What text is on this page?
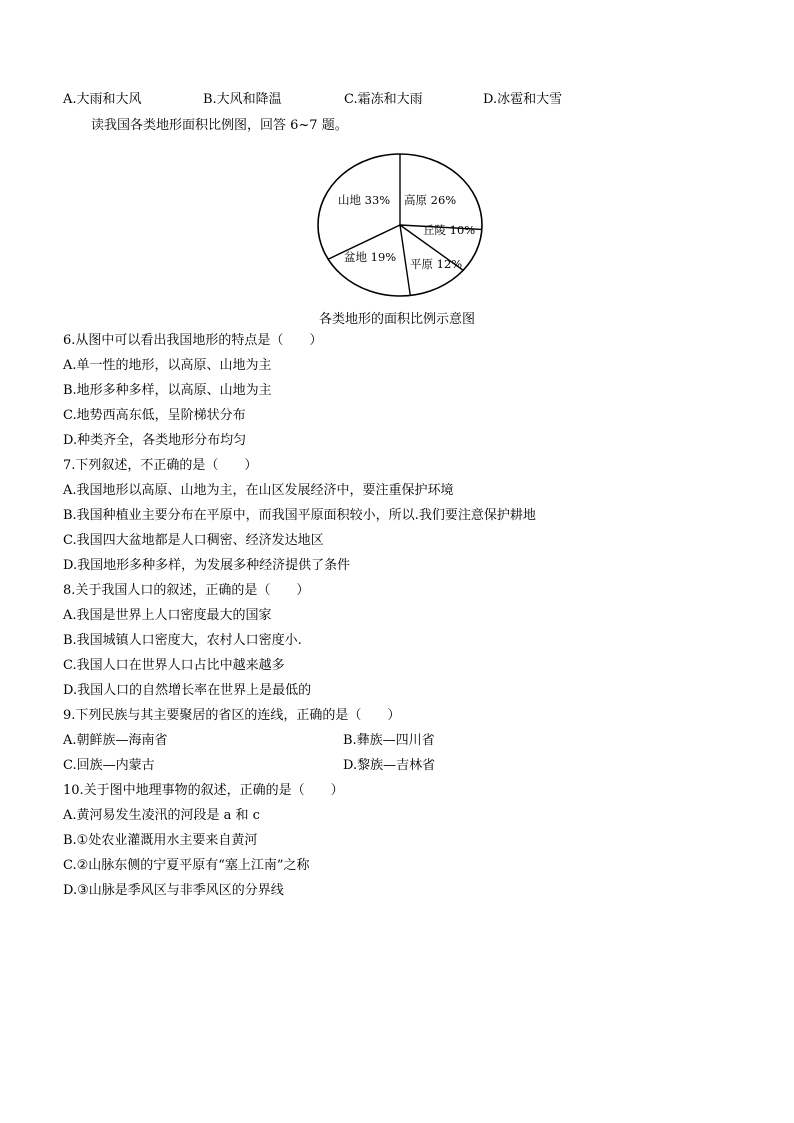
A.大雨和大风	B.大风和降温	C.霜冻和大雨	D.冰雹和大雪
读我国各类地形面积比例图，回答 6~7 题。
高原 26%
丘陵 10%
平原 12%
盆地 19%
山地 33%
各类地形的面积比例示意图
6.从图中可以看出我国地形的特点是（　　）
A.单一性的地形，以高原、山地为主
B.地形多种多样，以高原、山地为主
C.地势西高东低，呈阶梯状分布
D.种类齐全，各类地形分布均匀
7.下列叙述，不正确的是（　　）
A.我国地形以高原、山地为主，在山区发展经济中，要注重保护环境
B.我国种植业主要分布在平原中，而我国平原面积较小，所以.我们要注意保护耕地
C.我国四大盆地都是人口稠密、经济发达地区
D.我国地形多种多样，为发展多种经济提供了条件
8.关于我国人口的叙述，正确的是（　　）
A.我国是世界上人口密度最大的国家
B.我国城镇人口密度大，农村人口密度小.
C.我国人口在世界人口占比中越来越多
D.我国人口的自然增长率在世界上是最低的
9.下列民族与其主要聚居的省区的连线，正确的是（　　）
A.朝鲜族—海南省	B.彝族—四川省
C.回族—内蒙古	D.黎族—吉林省
10.关于图中地理事物的叙述，正确的是（　　）
A.黄河易发生凌汛的河段是 a 和 c
B.①处农业灌溉用水主要来自黄河
C.②山脉东侧的宁夏平原有“塞上江南”之称
D.③山脉是季风区与非季风区的分界线
